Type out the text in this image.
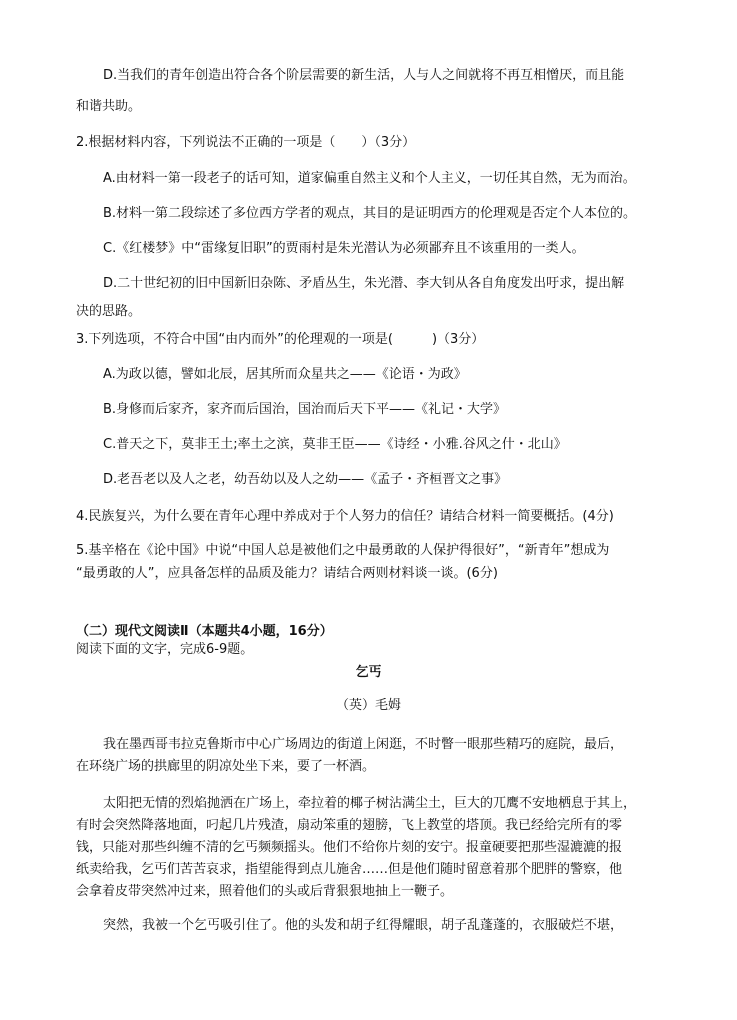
D.当我们的青年创造出符合各个阶层需要的新生活，人与人之间就将不再互相憎厌，而且能
和谐共助。
2.根据材料内容，下列说法不正确的一项是（　　）（3分）
A.由材料一第一段老子的话可知，道家偏重自然主义和个人主义，一切任其自然，无为而治。
B.材料一第二段综述了多位西方学者的观点，其目的是证明西方的伦理观是否定个人本位的。
C.《红楼梦》中“雷缘复旧职”的贾雨村是朱光潜认为必须鄙弃且不该重用的一类人。
D.二十世纪初的旧中国新旧杂陈、矛盾丛生，朱光潜、李大钊从各自角度发出吁求，提出解
决的思路。
3.下列选项，不符合中国“由内而外”的伦理观的一项是(　　　)（3分）
A.为政以德，譬如北辰，居其所而众星共之——《论语・为政》
B.身修而后家齐，家齐而后国治，国治而后天下平——《礼记・大学》
C.普天之下，莫非王土;率土之滨，莫非王臣——《诗经・小雅.谷风之什・北山》
D.老吾老以及人之老，幼吾幼以及人之幼——《孟子・齐桓晋文之事》
4.民族复兴，为什么要在青年心理中养成对于个人努力的信任？请结合材料一简要概括。(4分)
5.基辛格在《论中国》中说“中国人总是被他们之中最勇敢的人保护得很好”，“新青年”想成为
“最勇敢的人”，应具备怎样的品质及能力？请结合两则材料谈一谈。(6分)
（二）现代文阅读Ⅱ（本题共4小题，16分）
阅读下面的文字，完成6-9题。
乞丐
（英）毛姆
我在墨西哥韦拉克鲁斯市中心广场周边的街道上闲逛，不时瞥一眼那些精巧的庭院，最后，
在环绕广场的拱廊里的阴凉处坐下来，要了一杯酒。
太阳把无情的烈焰抛洒在广场上，牵拉着的椰子树沾满尘土，巨大的兀鹰不安地栖息于其上，
有时会突然降落地面，叼起几片残渣，扇动笨重的翅膀，飞上教堂的塔顶。我已经给完所有的零
钱，只能对那些纠缠不清的乞丐频频摇头。他们不给你片刻的安宁。报童硬要把那些湿漉漉的报
纸卖给我，乞丐们苦苦哀求，指望能得到点儿施舍……但是他们随时留意着那个肥胖的警察，他
会拿着皮带突然冲过来，照着他们的头或后背狠狠地抽上一鞭子。
突然，我被一个乞丐吸引住了。他的头发和胡子红得耀眼，胡子乱蓬蓬的，衣服破烂不堪，
